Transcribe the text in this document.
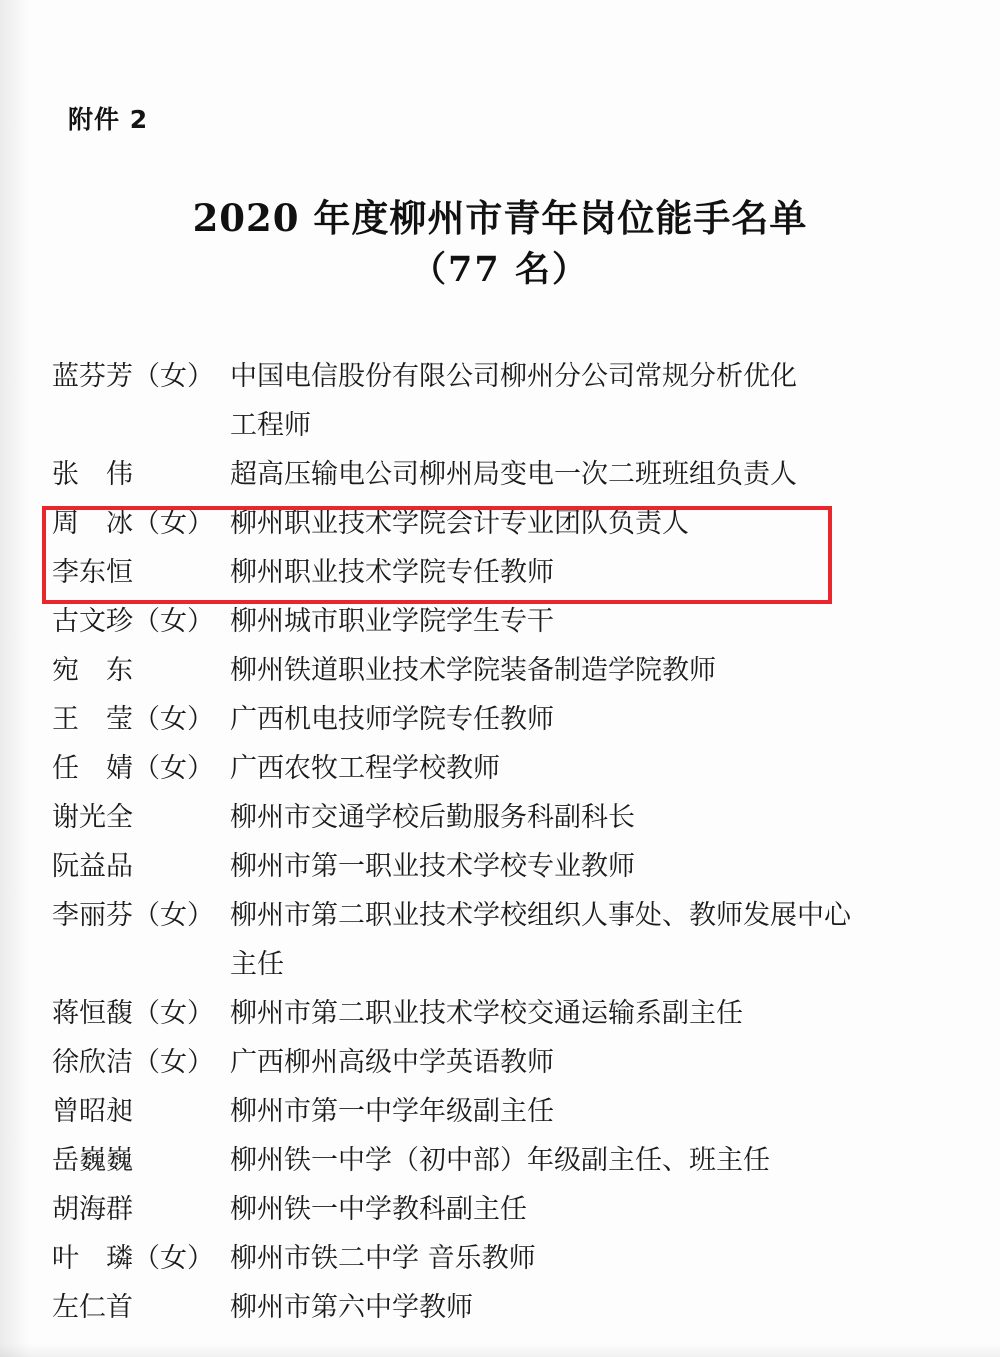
附件 2
2020 年度柳州市青年岗位能手名单
（77 名）
蓝芬芳（女） 中国电信股份有限公司柳州分公司常规分析优化
工程师
张　伟	超高压输电公司柳州局变电一次二班班组负责人
周　冰（女） 柳州职业技术学院会计专业团队负责人
李东恒	柳州职业技术学院专任教师
古文珍（女） 柳州城市职业学院学生专干
宛　东	柳州铁道职业技术学院装备制造学院教师
王　莹（女） 广西机电技师学院专任教师
任　婧（女） 广西农牧工程学校教师
谢光全	柳州市交通学校后勤服务科副科长
阮益品	柳州市第一职业技术学校专业教师
李丽芬（女） 柳州市第二职业技术学校组织人事处、教师发展中心
主任
蒋恒馥（女） 柳州市第二职业技术学校交通运输系副主任
徐欣洁（女） 广西柳州高级中学英语教师
曾昭昶	柳州市第一中学年级副主任
岳巍巍	柳州铁一中学（初中部）年级副主任、班主任
胡海群	柳州铁一中学教科副主任
叶　璘（女） 柳州市铁二中学 音乐教师
左仁首	柳州市第六中学教师
